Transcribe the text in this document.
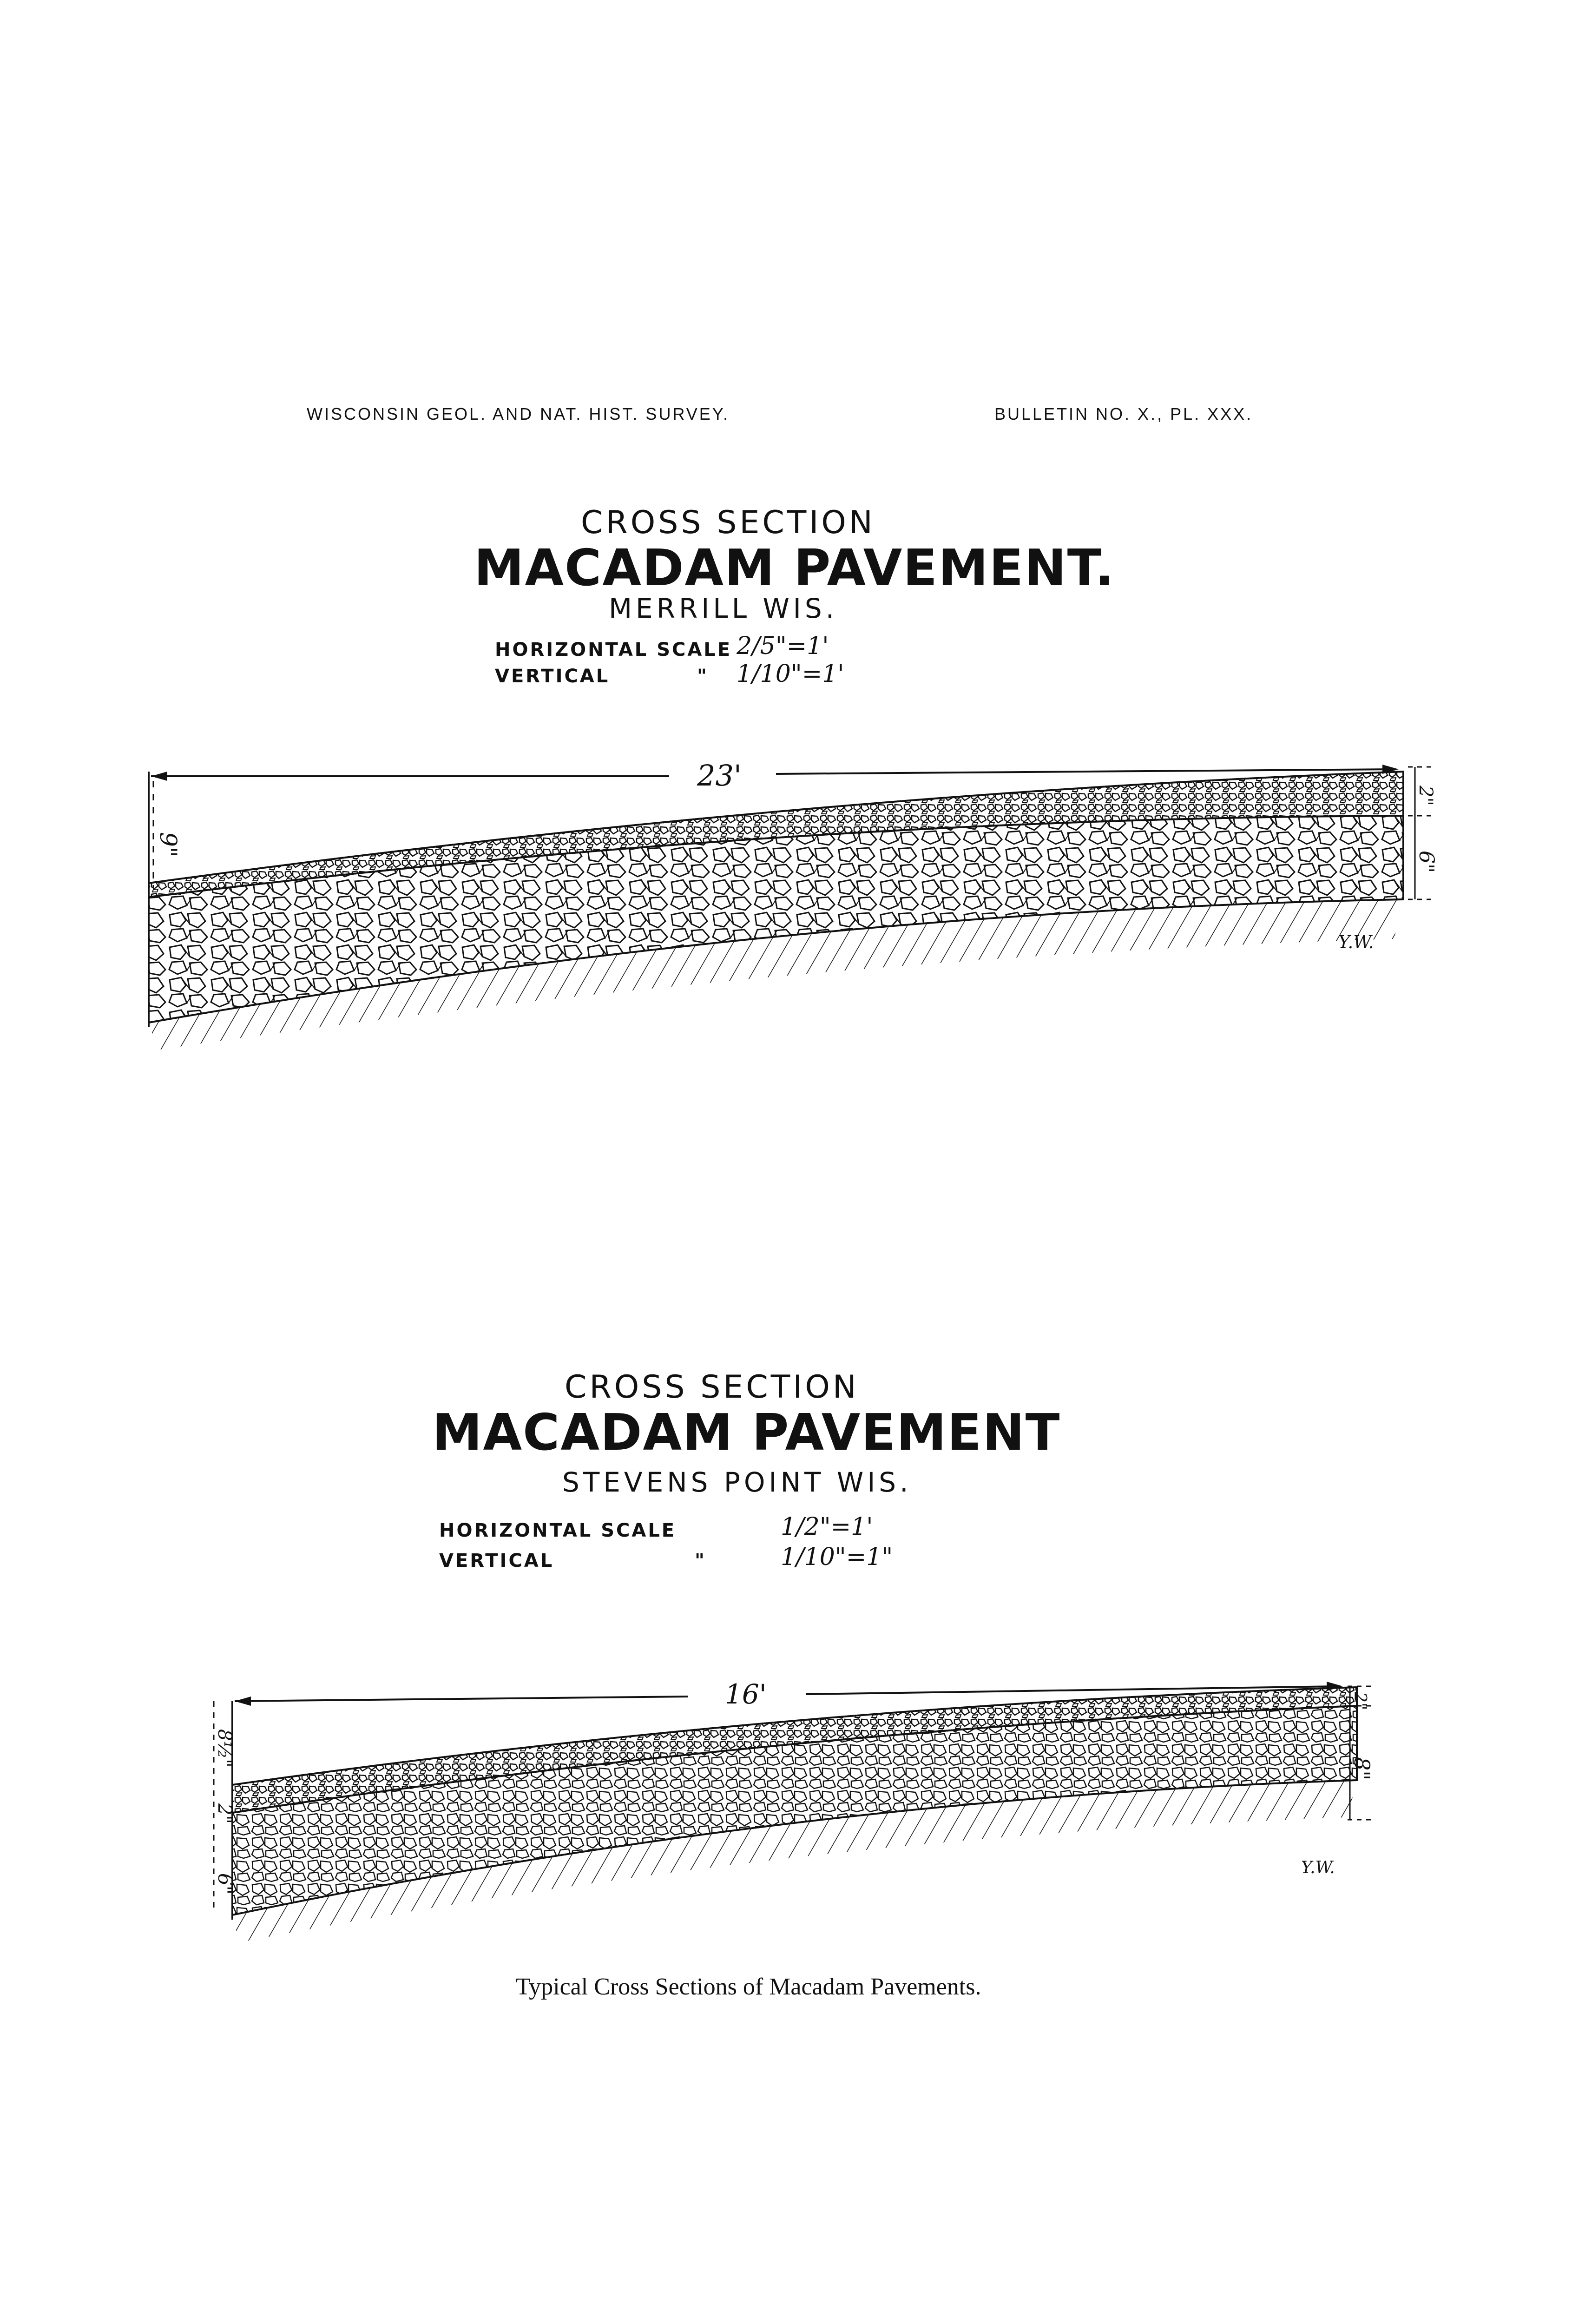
WISCONSIN GEOL. AND NAT. HIST. SURVEY.	BULLETIN NO. X., PL. XXX.
CROSS SECTION
MACADAM PAVEMENT.
MERRILL WIS.
HORIZONTAL SCALE 2/5"=1'
VERTICAL	" 1/10"=1'
23'
9"
2"
6"
Y.W.
CROSS SECTION
MACADAM PAVEMENT
STEVENS POINT WIS.
HORIZONTAL SCALE	1/2"=1'
VERTICAL	"	1/10"=1"
16'
8½"
2"
6"
2"
8"
Y.W.
Typical Cross Sections of Macadam Pavements.
